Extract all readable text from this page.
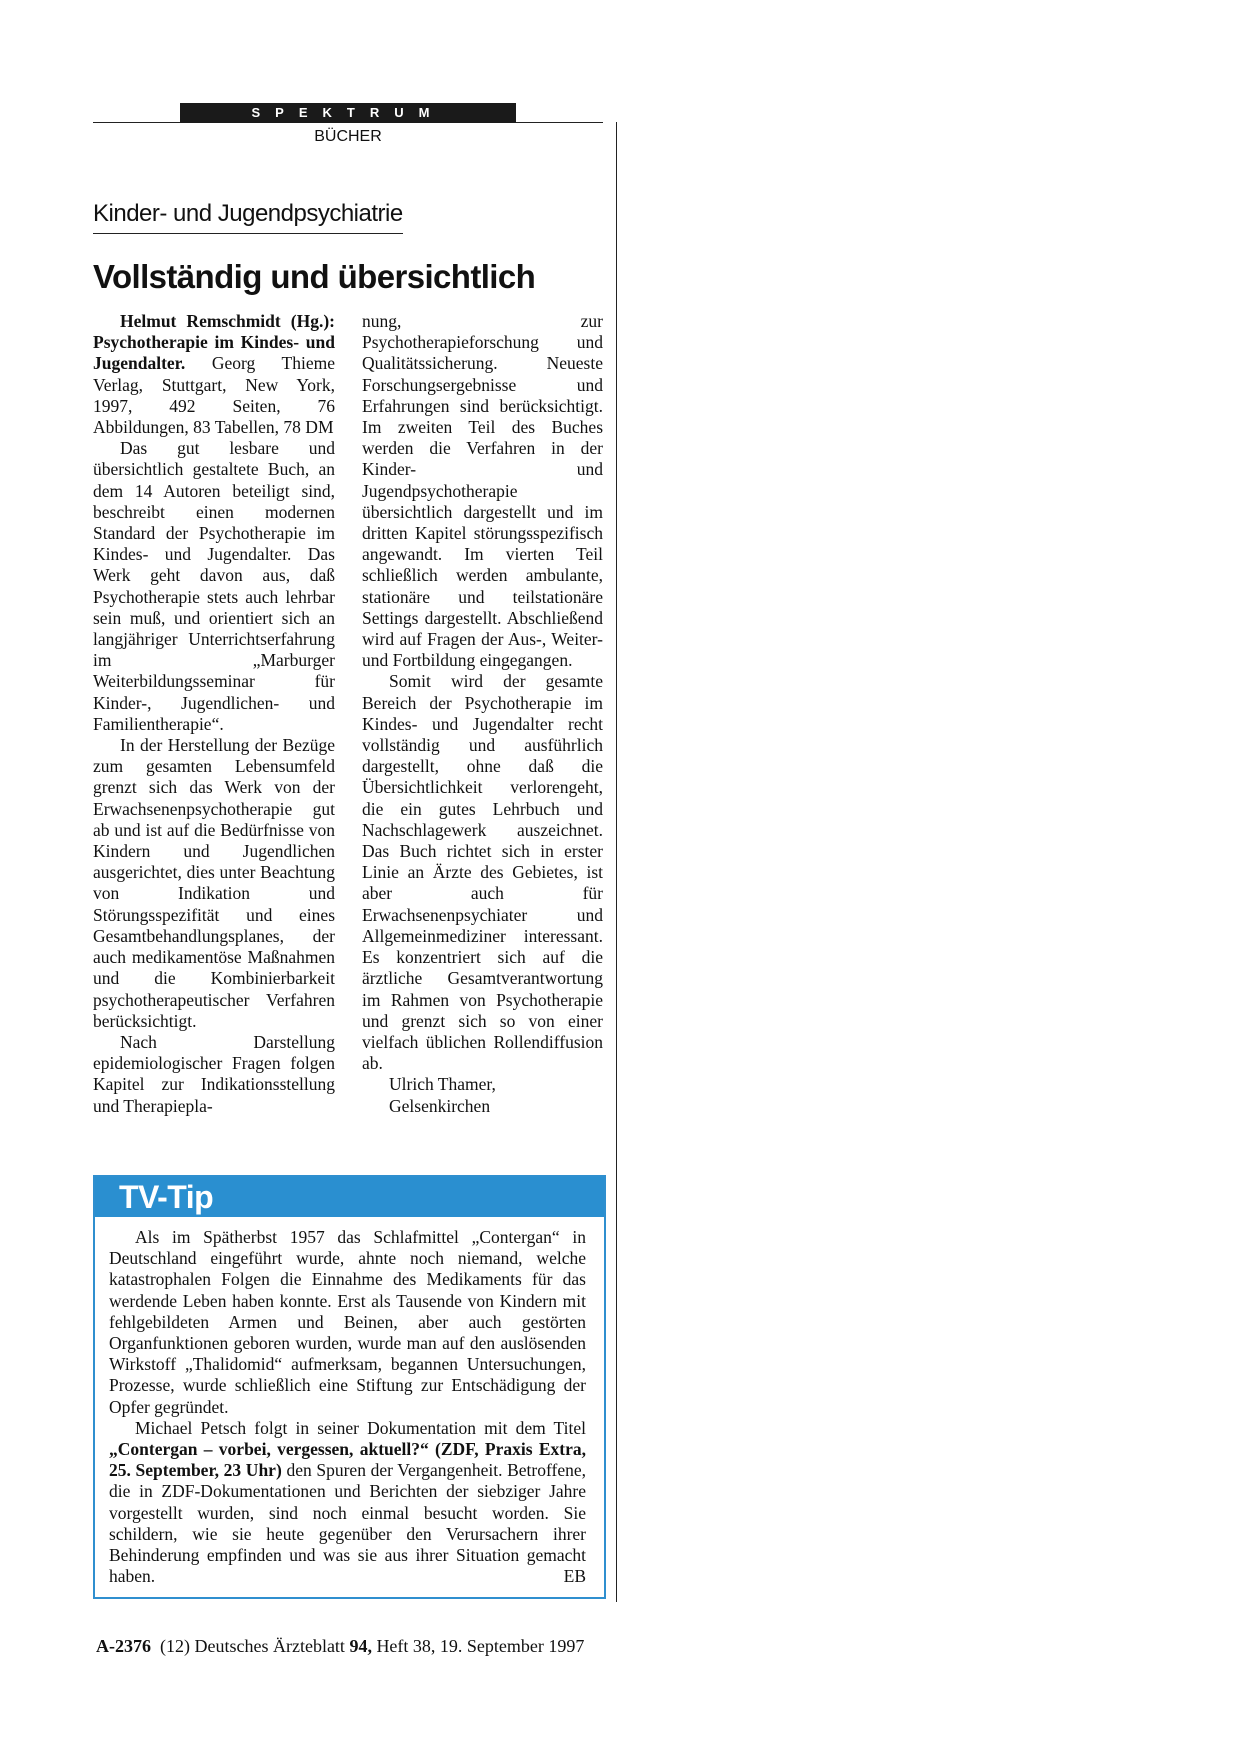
SPEKTRUM
BÜCHER
Kinder- und Jugendpsychiatrie
Vollständig und übersichtlich

Helmut Remschmidt (Hg.): Psychotherapie im Kindes- und Jugendalter. Georg Thieme Verlag, Stuttgart, New York, 1997, 492 Seiten, 76 Abbildungen, 83 Tabellen, 78 DM

Das gut lesbare und übersichtlich gestaltete Buch, an dem 14 Autoren beteiligt sind, beschreibt einen modernen Standard der Psychotherapie im Kindes- und Jugendalter. Das Werk geht davon aus, daß Psychotherapie stets auch lehrbar sein muß, und orientiert sich an langjähriger Unterrichtserfahrung im „Marburger Weiterbildungsseminar für Kinder-, Jugendlichen- und Familientherapie“.

In der Herstellung der Bezüge zum gesamten Lebensumfeld grenzt sich das Werk von der Erwachsenenpsychotherapie gut ab und ist auf die Bedürfnisse von Kindern und Jugendlichen ausgerichtet, dies unter Beachtung von Indikation und Störungsspezifität und eines Gesamtbehandlungsplanes, der auch medikamentöse Maßnahmen und die Kombinierbarkeit psychotherapeutischer Verfahren berücksichtigt.

Nach Darstellung epidemiologischer Fragen folgen Kapitel zur Indikationsstellung und Therapiepla-

nung, zur Psychotherapieforschung und Qualitätssicherung. Neueste Forschungsergebnisse und Erfahrungen sind berücksichtigt. Im zweiten Teil des Buches werden die Verfahren in der Kinder- und Jugendpsychotherapie übersichtlich dargestellt und im dritten Kapitel störungsspezifisch angewandt. Im vierten Teil schließlich werden ambulante, stationäre und teilstationäre Settings dargestellt. Abschließend wird auf Fragen der Aus-, Weiter- und Fortbildung eingegangen.

Somit wird der gesamte Bereich der Psychotherapie im Kindes- und Jugendalter recht vollständig und ausführlich dargestellt, ohne daß die Übersichtlichkeit verlorengeht, die ein gutes Lehrbuch und Nachschlagewerk auszeichnet. Das Buch richtet sich in erster Linie an Ärzte des Gebietes, ist aber auch für Erwachsenenpsychiater und Allgemeinmediziner interessant. Es konzentriert sich auf die ärztliche Gesamtverantwortung im Rahmen von Psychotherapie und grenzt sich so von einer vielfach üblichen Rollendiffusion ab.

Ulrich Thamer,
Gelsenkirchen
TV-Tip

Als im Spätherbst 1957 das Schlafmittel „Contergan“ in Deutschland eingeführt wurde, ahnte noch niemand, welche katastrophalen Folgen die Einnahme des Medikaments für das werdende Leben haben konnte. Erst als Tausende von Kindern mit fehlgebildeten Armen und Beinen, aber auch gestörten Organfunktionen geboren wurden, wurde man auf den auslösenden Wirkstoff „Thalidomid“ aufmerksam, begannen Untersuchungen, Prozesse, wurde schließlich eine Stiftung zur Entschädigung der Opfer gegründet.

Michael Petsch folgt in seiner Dokumentation mit dem Titel „Contergan – vorbei, vergessen, aktuell?“ (ZDF, Praxis Extra, 25. September, 23 Uhr) den Spuren der Vergangenheit. Betroffene, die in ZDF-Dokumentationen und Berichten der siebziger Jahre vorgestellt wurden, sind noch einmal besucht worden. Sie schildern, wie sie heute gegenüber den Verursachern ihrer Behinderung empfinden und was sie aus ihrer Situation gemacht haben.	EB

A-2376 (12) Deutsches Ärzteblatt 94, Heft 38, 19. September 1997
